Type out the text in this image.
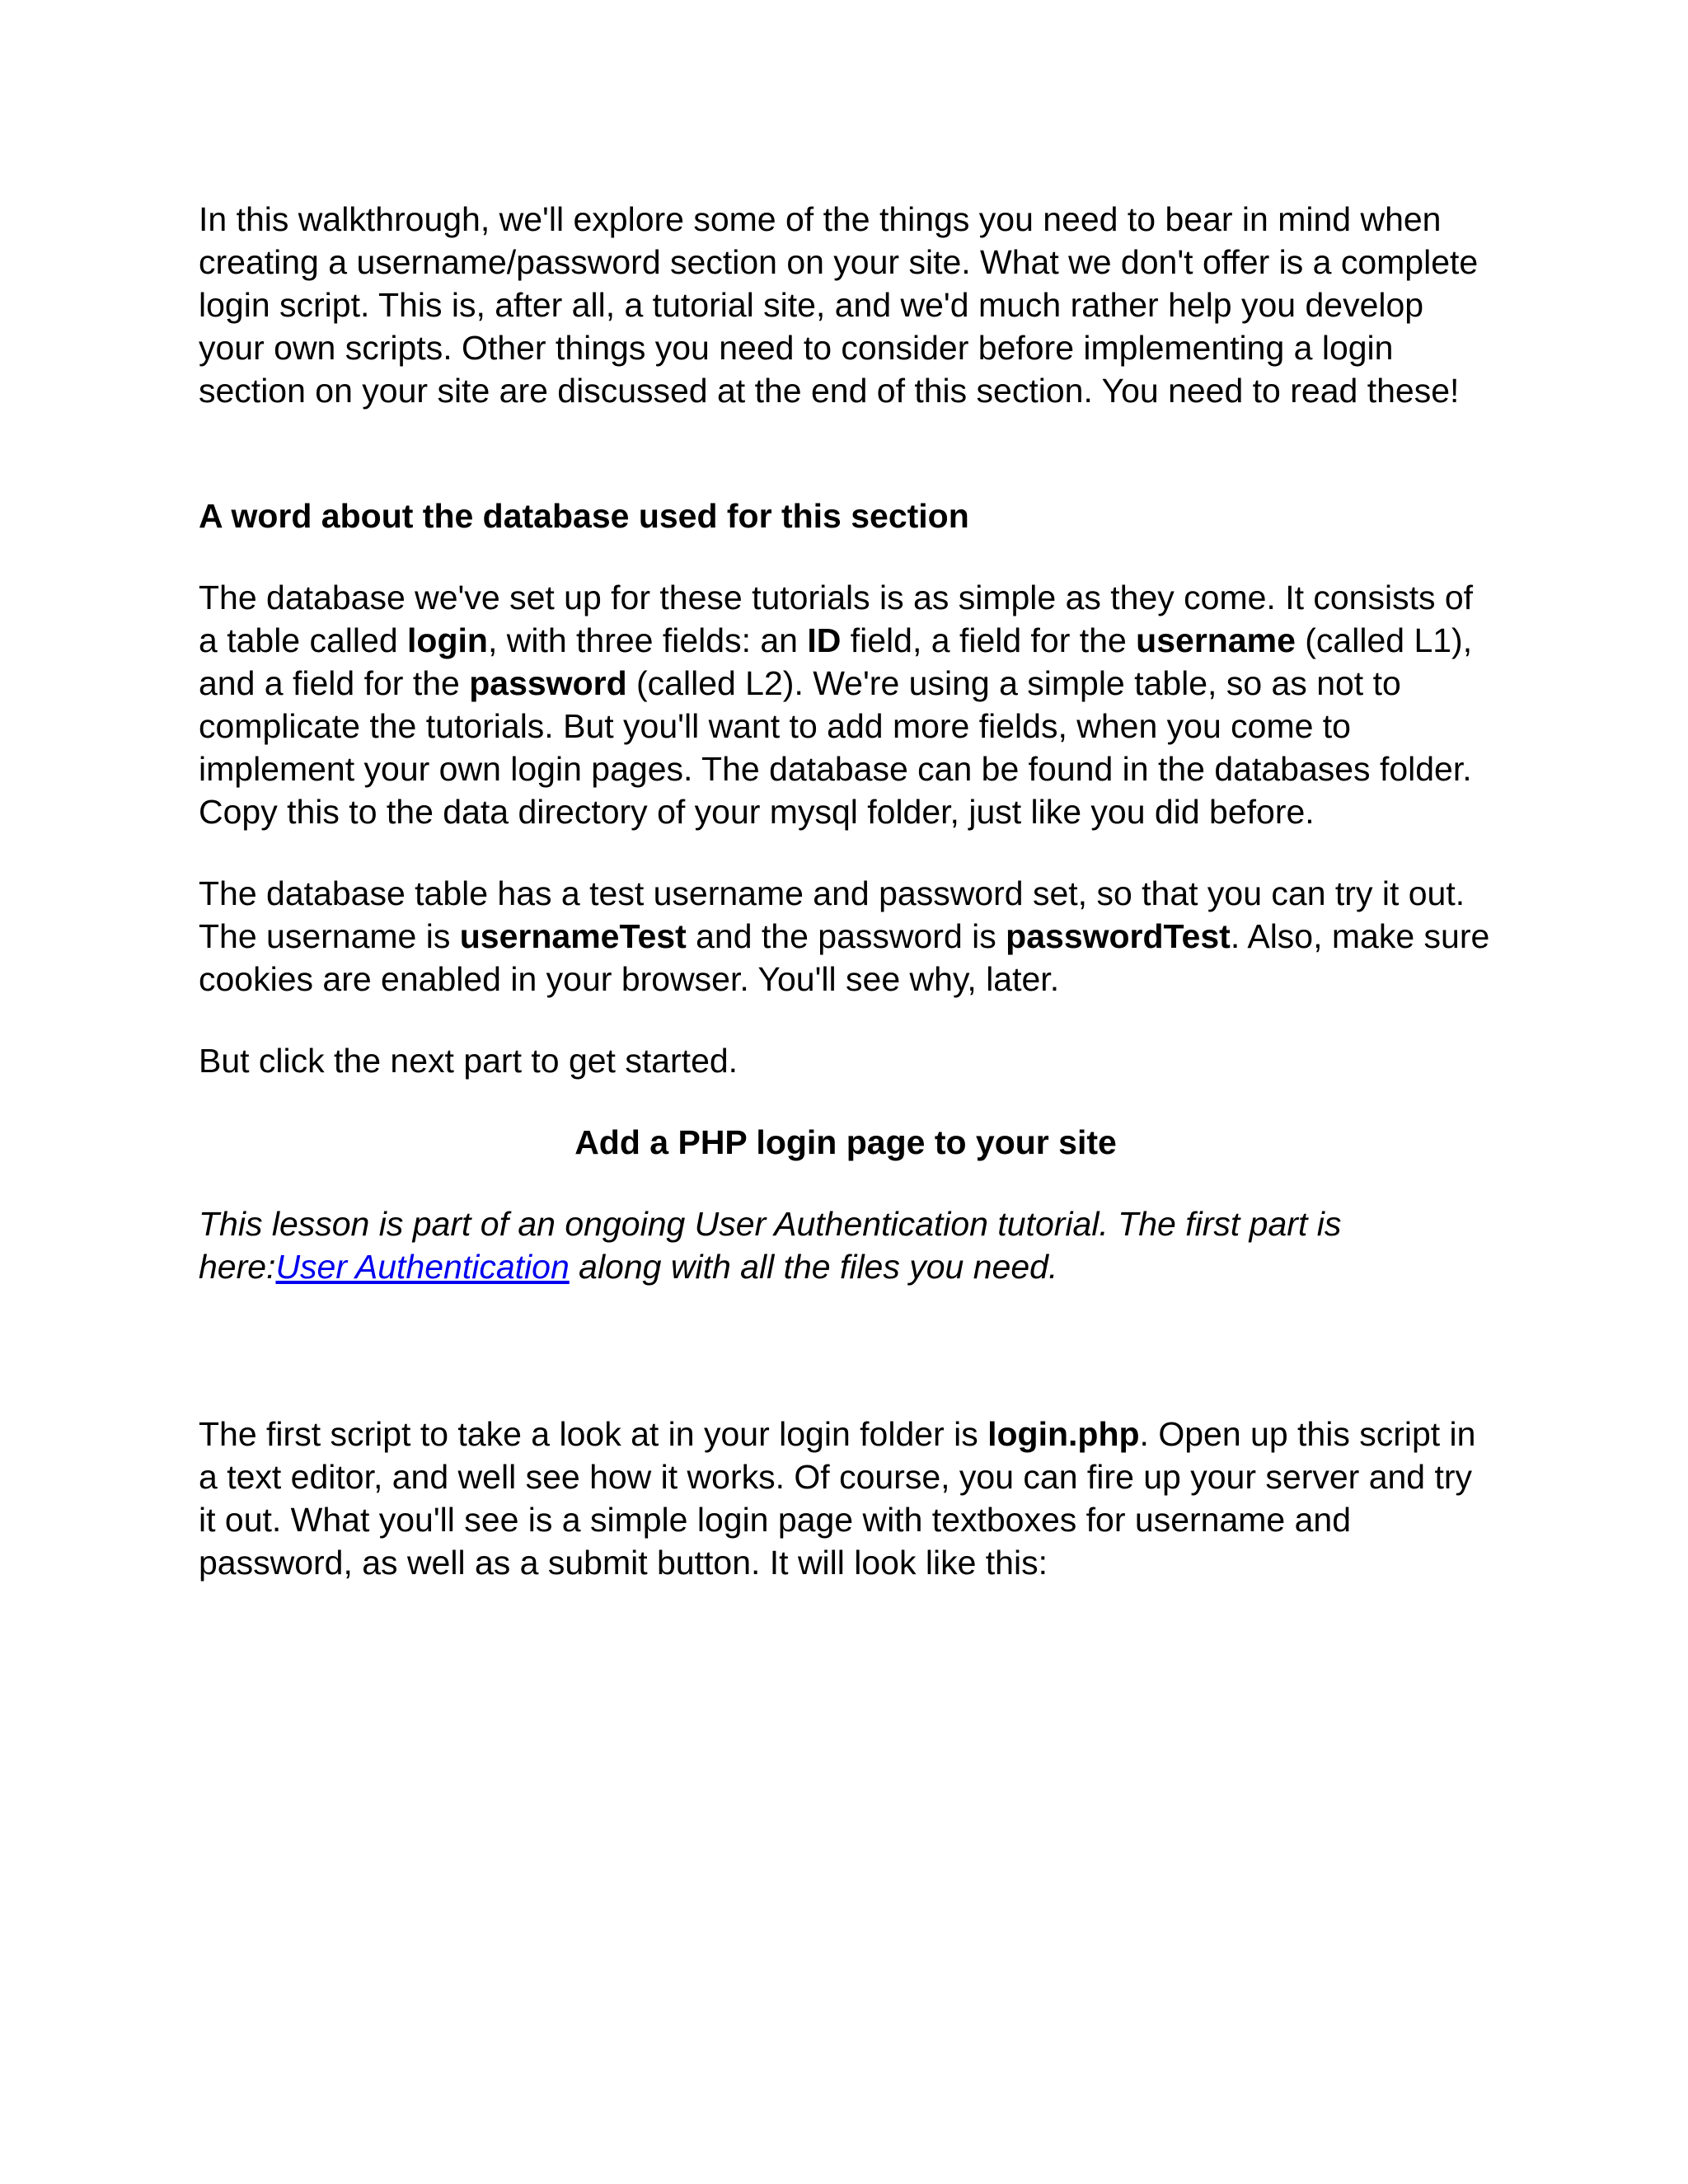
In this walkthrough, we'll explore some of the things you need to bear in mind when creating a username/password section on your site. What we don't offer is a complete login script. This is, after all, a tutorial site, and we'd much rather help you develop your own scripts. Other things you need to consider before implementing a login section on your site are discussed at the end of this section. You need to read these!

A word about the database used for this section

The database we've set up for these tutorials is as simple as they come. It consists of a table called login, with three fields: an ID field, a field for the username (called L1), and a field for the password (called L2). We're using a simple table, so as not to complicate the tutorials. But you'll want to add more fields, when you come to implement your own login pages. The database can be found in the databases folder. Copy this to the data directory of your mysql folder, just like you did before.

The database table has a test username and password set, so that you can try it out. The username is usernameTest and the password is passwordTest. Also, make sure cookies are enabled in your browser. You'll see why, later.

But click the next part to get started.

Add a PHP login page to your site

This lesson is part of an ongoing User Authentication tutorial. The first part is here:User Authentication along with all the files you need.

The first script to take a look at in your login folder is login.php. Open up this script in a text editor, and well see how it works. Of course, you can fire up your server and try it out. What you'll see is a simple login page with textboxes for username and password, as well as a submit button. It will look like this:
